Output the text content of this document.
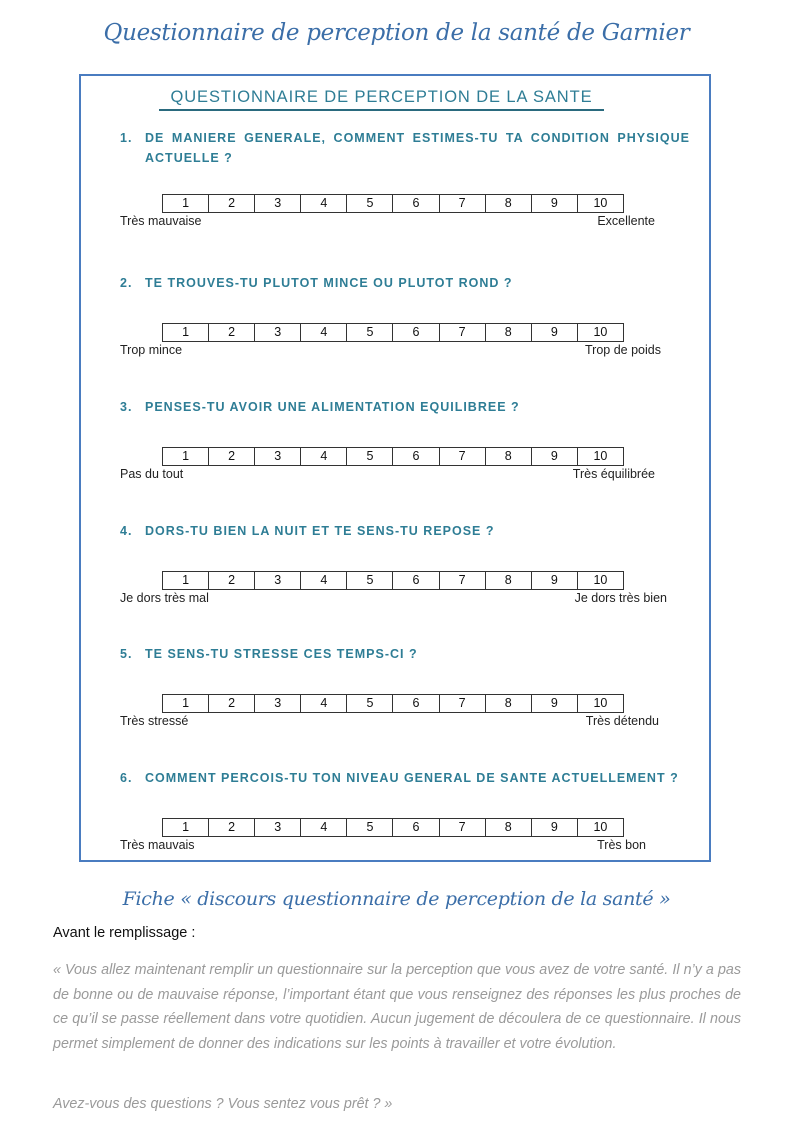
Questionnaire de perception de la santé de Garnier
QUESTIONNAIRE DE PERCEPTION DE LA SANTE
1. DE MANIERE GENERALE, COMMENT ESTIMES-TU TA CONDITION PHYSIQUE ACTUELLE ?
1	2	3	4	5	6	7	8	9	10
Très mauvaise	Excellente
2. TE TROUVES-TU PLUTOT MINCE OU PLUTOT ROND ?
1	2	3	4	5	6	7	8	9	10
Trop mince	Trop de poids
3. PENSES-TU AVOIR UNE ALIMENTATION EQUILIBREE ?
1	2	3	4	5	6	7	8	9	10
Pas du tout	Très équilibrée
4. DORS-TU BIEN LA NUIT ET TE SENS-TU REPOSE ?
1	2	3	4	5	6	7	8	9	10
Je dors très mal	Je dors très bien
5. TE SENS-TU STRESSE CES TEMPS-CI ?
1	2	3	4	5	6	7	8	9	10
Très stressé	Très détendu
6. COMMENT PERCOIS-TU TON NIVEAU GENERAL DE SANTE ACTUELLEMENT ?
1	2	3	4	5	6	7	8	9	10
Très mauvais	Très bon
Fiche « discours questionnaire de perception de la santé »
Avant le remplissage :
« Vous allez maintenant remplir un questionnaire sur la perception que vous avez de votre santé. Il n’y a pas de bonne ou de mauvaise réponse, l’important étant que vous renseignez des réponses les plus proches de ce qu’il se passe réellement dans votre quotidien. Aucun jugement de découlera de ce questionnaire. Il nous permet simplement de donner des indications sur les points à travailler et votre évolution.
Avez-vous des questions ? Vous sentez vous prêt ? »
